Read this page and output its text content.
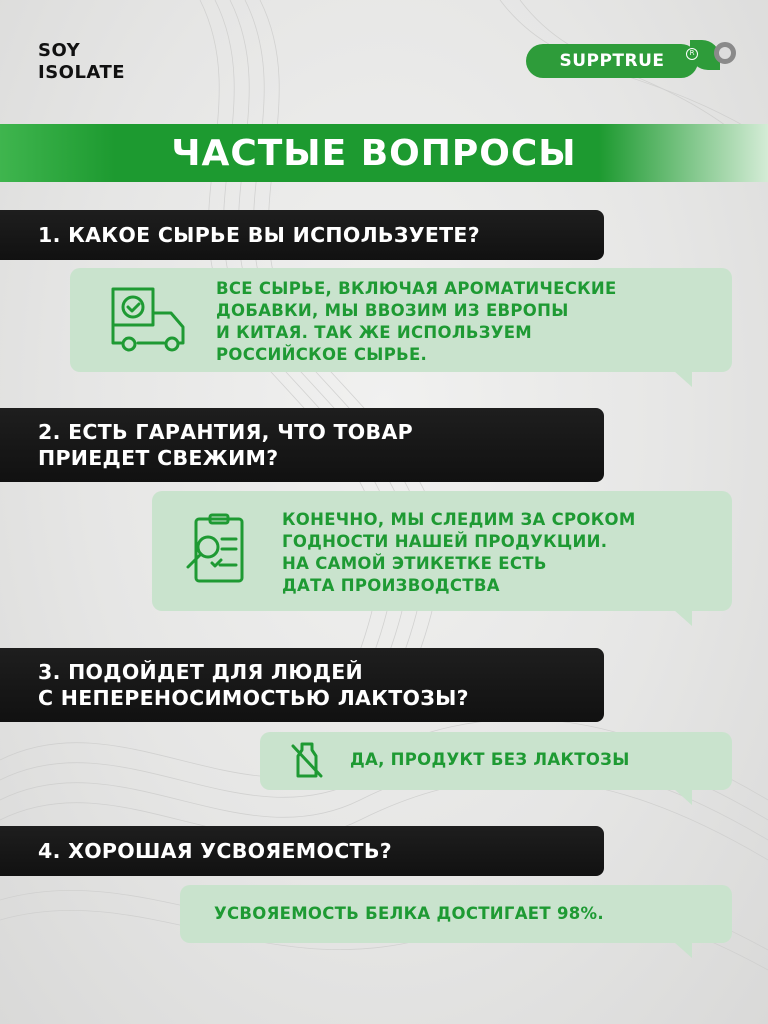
SOY
ISOLATE
SUPPTRUE	R
ЧАСТЫЕ ВОПРОСЫ
1. КАКОЕ СЫРЬЕ ВЫ ИСПОЛЬЗУЕТЕ?
ВСЕ СЫРЬЕ, ВКЛЮЧАЯ АРОМАТИЧЕСКИЕ
ДОБАВКИ, МЫ ВВОЗИМ ИЗ ЕВРОПЫ
И КИТАЯ. ТАК ЖЕ ИСПОЛЬЗУЕМ
РОССИЙСКОЕ СЫРЬЕ.
2. ЕСТЬ ГАРАНТИЯ, ЧТО ТОВАР
ПРИЕДЕТ СВЕЖИМ?
КОНЕЧНО, МЫ СЛЕДИМ ЗА СРОКОМ
ГОДНОСТИ НАШЕЙ ПРОДУКЦИИ.
НА САМОЙ ЭТИКЕТКЕ ЕСТЬ
ДАТА ПРОИЗВОДСТВА
3. ПОДОЙДЕТ ДЛЯ ЛЮДЕЙ
С НЕПЕРЕНОСИМОСТЬЮ ЛАКТОЗЫ?
ДА, ПРОДУКТ БЕЗ ЛАКТОЗЫ
4. ХОРОШАЯ УСВОЯЕМОСТЬ?
УСВОЯЕМОСТЬ БЕЛКА ДОСТИГАЕТ 98%.
